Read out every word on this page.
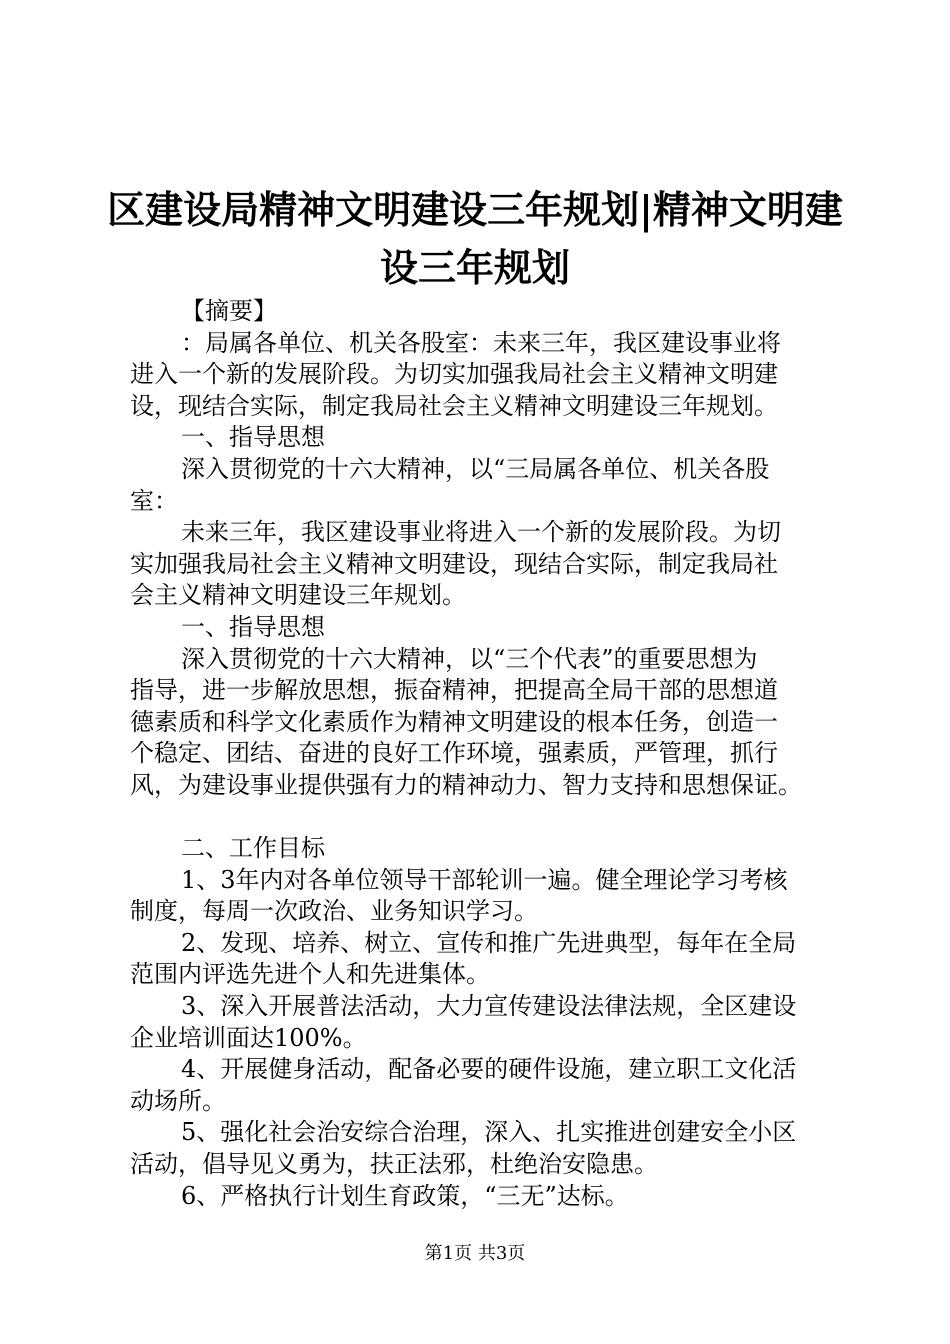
区建设局精神文明建设三年规划|精神文明建
设三年规划

【摘要】

：局属各单位、机关各股室：未来三年，我区建设事业将

进入一个新的发展阶段。为切实加强我局社会主义精神文明建

设，现结合实际，制定我局社会主义精神文明建设三年规划。

一、指导思想

深入贯彻党的十六大精神，以“三局属各单位、机关各股

室：

未来三年，我区建设事业将进入一个新的发展阶段。为切

实加强我局社会主义精神文明建设，现结合实际，制定我局社

会主义精神文明建设三年规划。

一、指导思想

深入贯彻党的十六大精神，以“三个代表”的重要思想为

指导，进一步解放思想，振奋精神，把提高全局干部的思想道

德素质和科学文化素质作为精神文明建设的根本任务，创造一

个稳定、团结、奋进的良好工作环境，强素质，严管理，抓行

风，为建设事业提供强有力的精神动力、智力支持和思想保证。

二、工作目标

1、3年内对各单位领导干部轮训一遍。健全理论学习考核

制度，每周一次政治、业务知识学习。

2、发现、培养、树立、宣传和推广先进典型，每年在全局

范围内评选先进个人和先进集体。

3、深入开展普法活动，大力宣传建设法律法规，全区建设

企业培训面达100%。

4、开展健身活动，配备必要的硬件设施，建立职工文化活

动场所。

5、强化社会治安综合治理，深入、扎实推进创建安全小区

活动，倡导见义勇为，扶正法邪，杜绝治安隐患。

6、严格执行计划生育政策，“三无”达标。

第1页 共3页
